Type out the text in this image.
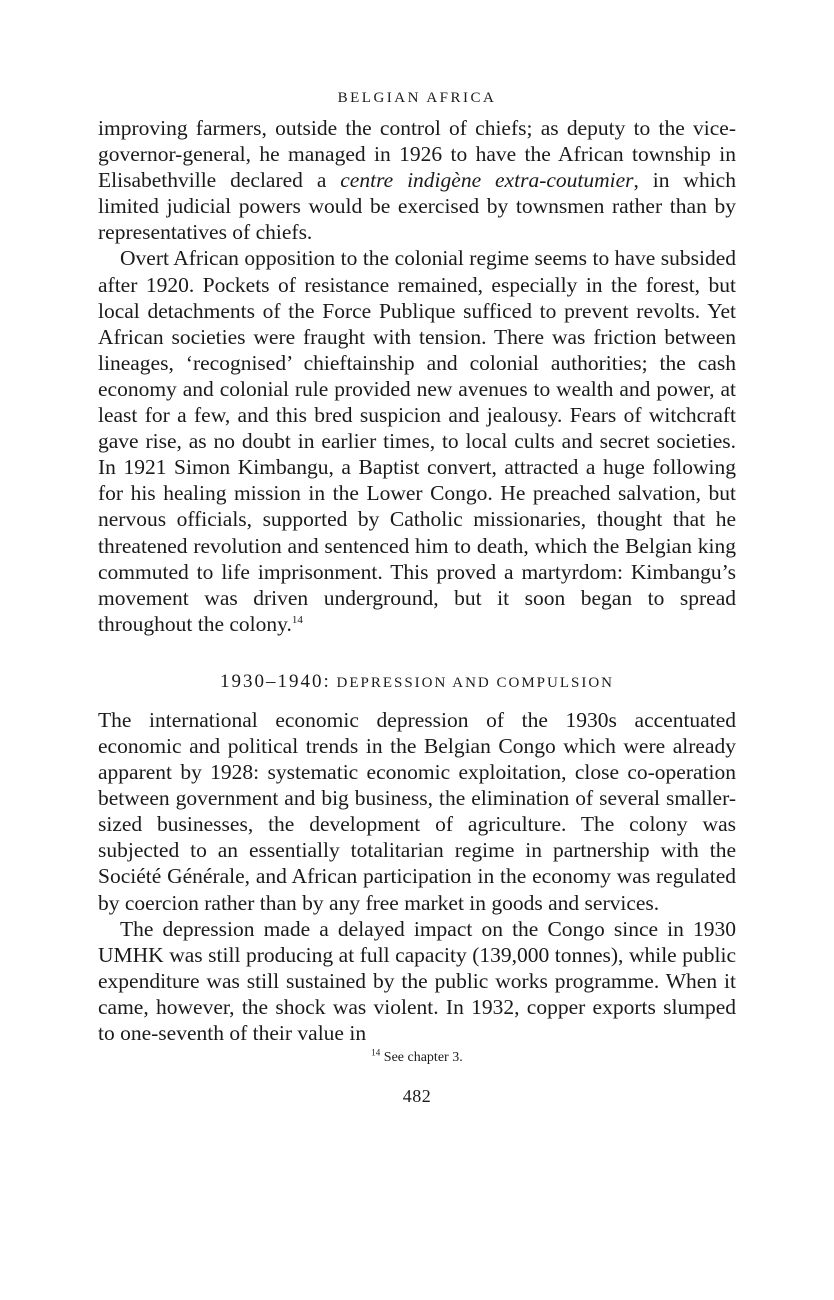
BELGIAN AFRICA

improving farmers, outside the control of chiefs; as deputy to the vice-governor-general, he managed in 1926 to have the African township in Elisabethville declared a centre indigène extra-coutumier, in which limited judicial powers would be exercised by townsmen rather than by representatives of chiefs.

Overt African opposition to the colonial regime seems to have subsided after 1920. Pockets of resistance remained, especially in the forest, but local detachments of the Force Publique sufficed to prevent revolts. Yet African societies were fraught with tension. There was friction between lineages, ‘recognised’ chieftainship and colonial authorities; the cash economy and colonial rule provided new avenues to wealth and power, at least for a few, and this bred suspicion and jealousy. Fears of witchcraft gave rise, as no doubt in earlier times, to local cults and secret societies. In 1921 Simon Kimbangu, a Baptist convert, attracted a huge following for his healing mission in the Lower Congo. He preached salvation, but nervous officials, supported by Catholic missionaries, thought that he threatened revolution and sentenced him to death, which the Belgian king commuted to life imprisonment. This proved a martyrdom: Kimbangu’s movement was driven underground, but it soon began to spread throughout the colony.$^{14}$

1930–1940: DEPRESSION AND COMPULSION

The international economic depression of the 1930s accentuated economic and political trends in the Belgian Congo which were already apparent by 1928: systematic economic exploitation, close co-operation between government and big business, the elimination of several smaller-sized businesses, the development of agriculture. The colony was subjected to an essentially totalitarian regime in partnership with the Société Générale, and African participation in the economy was regulated by coercion rather than by any free market in goods and services.

The depression made a delayed impact on the Congo since in 1930 UMHK was still producing at full capacity (139,000 tonnes), while public expenditure was still sustained by the public works programme. When it came, however, the shock was violent. In 1932, copper exports slumped to one-seventh of their value in

$^{14}$ See chapter 3.
482
